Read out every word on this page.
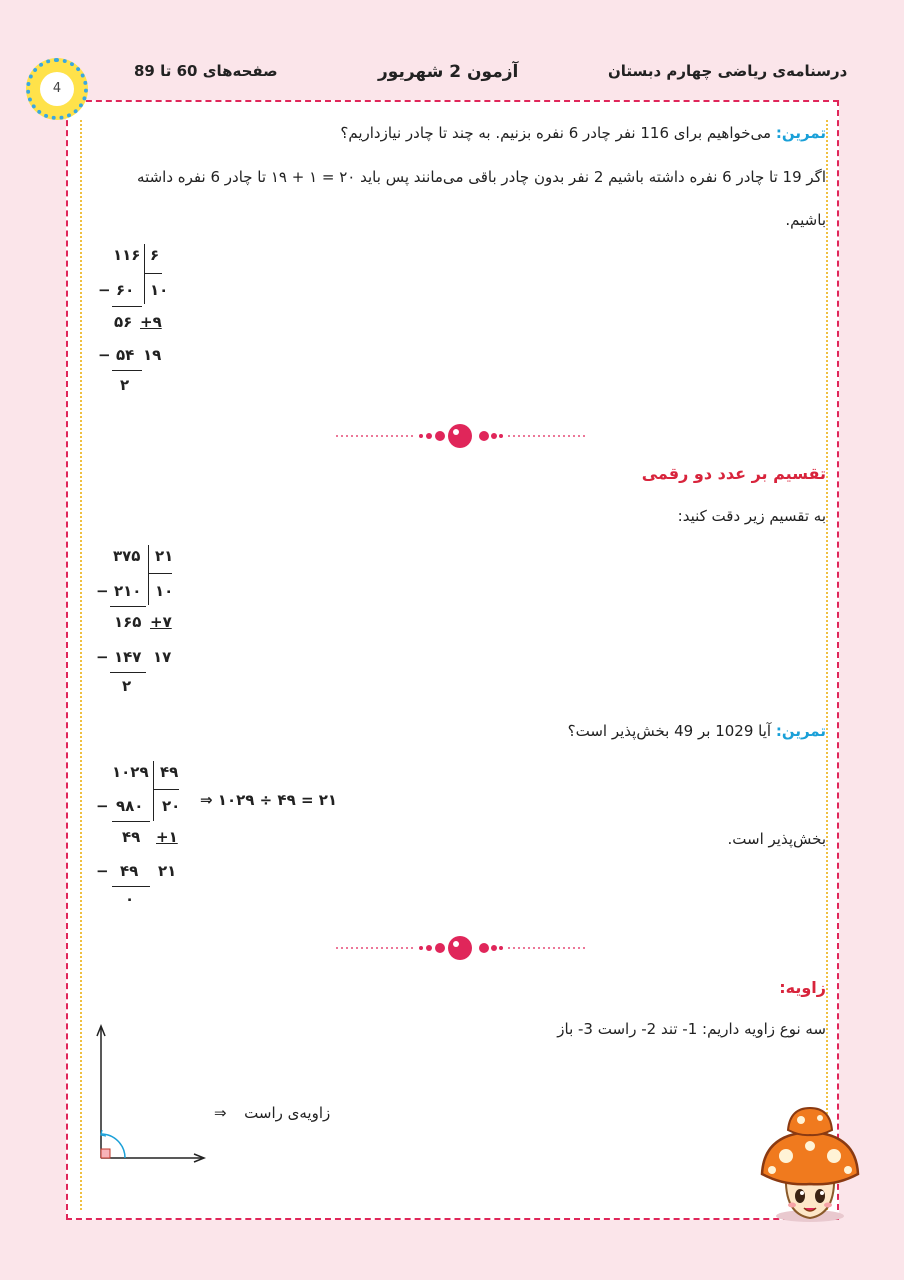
4
صفحه‌های 60 تا 89	آزمون 2 شهریور	درسنامه‌ی ریاضی چهارم دبستان
تمرین: می‌خواهیم برای 116 نفر چادر 6 نفره بزنیم. به چند تا چادر نیازداریم؟
اگر 19 تا چادر 6 نفره داشته باشیم 2 نفر بدون چادر باقی می‌مانند پس باید ۲۰ = ۱ + ۱۹ تا چادر 6 نفره داشته
باشیم.
۱۱۶ ۶
− ۶۰ ۱۰
۵۶ +۹
− ۵۴ ۱۹
۲
تقسیم بر عدد دو رقمی
به تقسیم زیر دقت کنید:
۳۷۵ ۲۱
− ۲۱۰ ۱۰
۱۶۵ +۷
− ۱۴۷ ۱۷
۲
تمرین: آیا 1029 بر 49 بخش‌پذیر است؟
۱۰۲۹ ۴۹
− ۹۸۰ ۲۰
۴۹ +۱
− ۴۹ ۲۱
۰
⇒ ۱۰۲۹ ÷ ۴۹ = ۲۱
بخش‌پذیر است.
زاویه:
سه نوع زاویه داریم: 1- تند 2- راست 3- باز
⇒ زاویه‌ی راست
